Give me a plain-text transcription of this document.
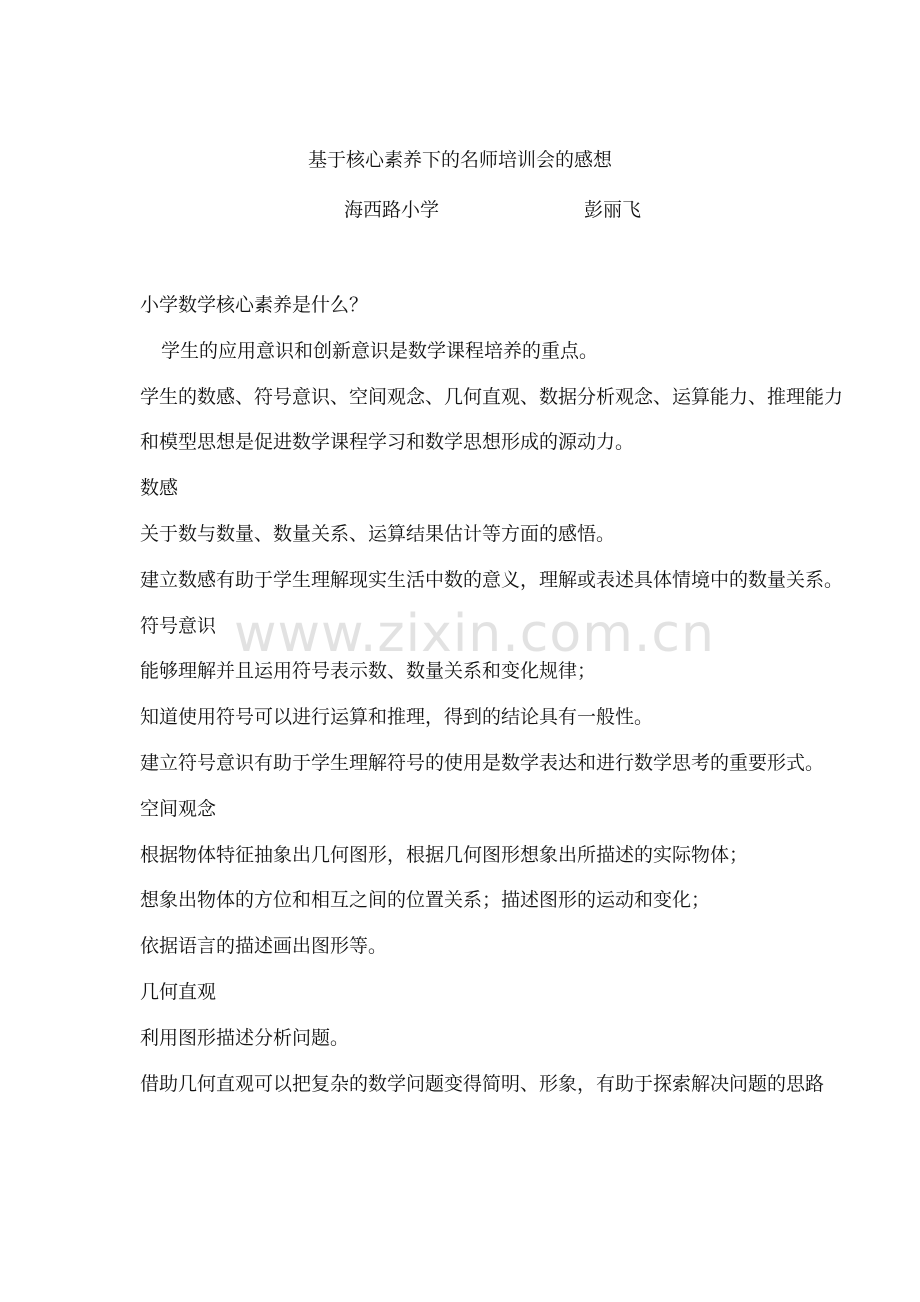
基于核心素养下的名师培训会的感想
海西路小学	彭丽飞
小学数学核心素养是什么？
学生的应用意识和创新意识是数学课程培养的重点。
学生的数感、符号意识、空间观念、几何直观、数据分析观念、运算能力、推理能力
和模型思想是促进数学课程学习和数学思想形成的源动力。
数感
关于数与数量、数量关系、运算结果估计等方面的感悟。
建立数感有助于学生理解现实生活中数的意义，理解或表述具体情境中的数量关系。
符号意识
能够理解并且运用符号表示数、数量关系和变化规律；
知道使用符号可以进行运算和推理，得到的结论具有一般性。
建立符号意识有助于学生理解符号的使用是数学表达和进行数学思考的重要形式。
空间观念
根据物体特征抽象出几何图形，根据几何图形想象出所描述的实际物体；
想象出物体的方位和相互之间的位置关系；描述图形的运动和变化；
依据语言的描述画出图形等。
几何直观
利用图形描述分析问题。
借助几何直观可以把复杂的数学问题变得简明、形象，有助于探索解决问题的思路
www.zixin.com.cn
